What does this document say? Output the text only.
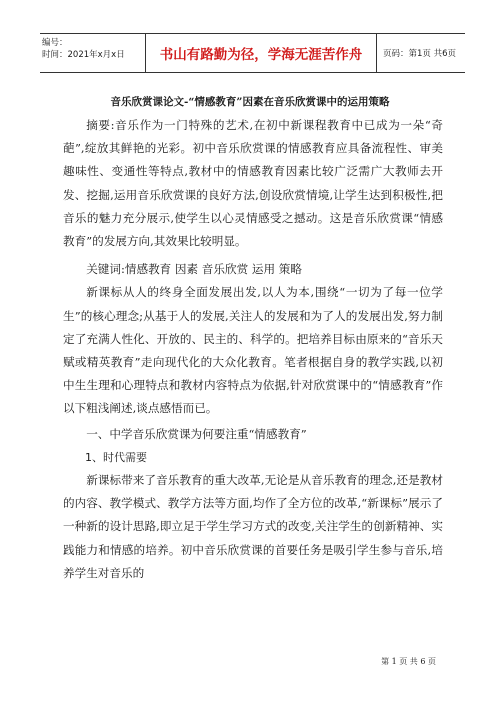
编号：
时间：2021年x月x日	书山有路勤为径，学海无涯苦作舟	页码：第1页 共6页
音乐欣赏课论文-“情感教育”因素在音乐欣赏课中的运用策略

摘要:音乐作为一门特殊的艺术,在初中新课程教育中已成为一朵“奇葩”,绽放其鲜艳的光彩。初中音乐欣赏课的情感教育应具备流程性、审美趣味性、变通性等特点,教材中的情感教育因素比较广泛需广大教师去开发、挖掘,运用音乐欣赏课的良好方法,创设欣赏情境,让学生达到积极性,把音乐的魅力充分展示,使学生以心灵情感受之撼动。这是音乐欣赏课“情感教育”的发展方向,其效果比较明显。

关键词:情感教育 因素 音乐欣赏 运用 策略

新课标从人的终身全面发展出发,以人为本,围绕“一切为了每一位学生”的核心理念;从基于人的发展,关注人的发展和为了人的发展出发,努力制定了充满人性化、开放的、民主的、科学的。把培养目标由原来的“音乐天赋或精英教育”走向现代化的大众化教育。笔者根据自身的教学实践,以初中生生理和心理特点和教材内容特点为依据,针对欣赏课中的“情感教育”作以下粗浅阐述,谈点感悟而已。

一、中学音乐欣赏课为何要注重“情感教育”

1、时代需要

新课标带来了音乐教育的重大改革,无论是从音乐教育的理念,还是教材的内容、教学模式、教学方法等方面,均作了全方位的改革,“新课标”展示了一种新的设计思路,即立足于学生学习方式的改变,关注学生的创新精神、实践能力和情感的培养。初中音乐欣赏课的首要任务是吸引学生参与音乐,培养学生对音乐的

第 1 页 共 6 页
